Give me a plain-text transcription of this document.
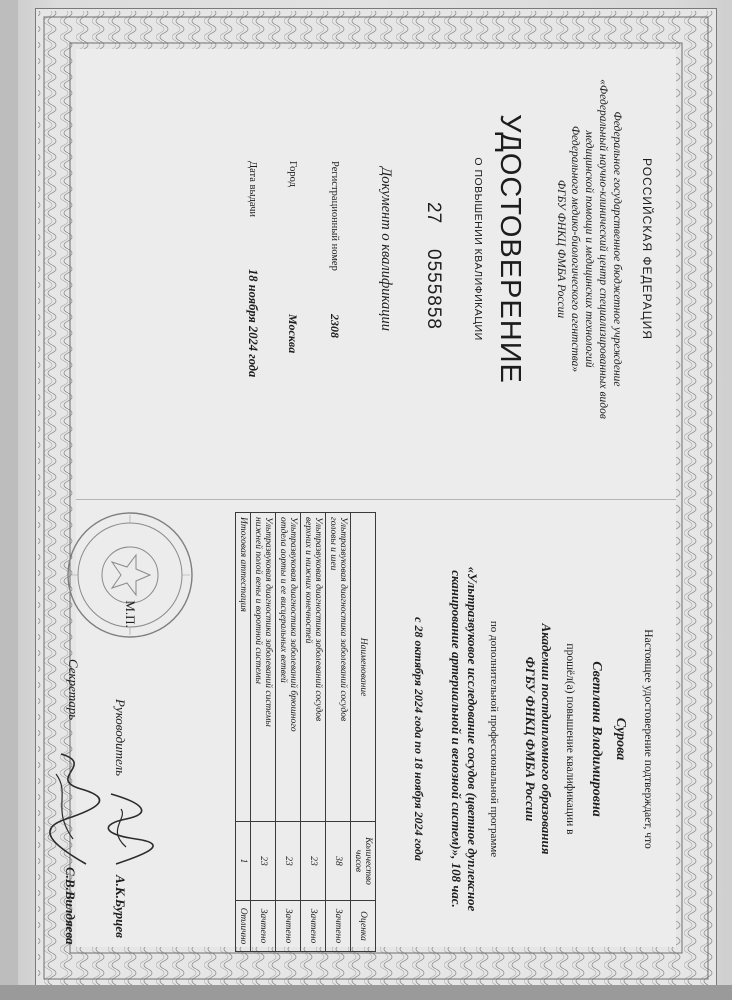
РОССИЙСКАЯ ФЕДЕРАЦИЯ
Федеральное государственное бюджетное учреждение
«Федеральный научно-клинический центр специализированных видов
медицинской помощи и медицинских технологий
Федерального медико-биологического агентства»
ФГБУ ФНКЦ ФМБА России
УДОСТОВЕРЕНИЕ
О ПОВЫШЕНИИ КВАЛИФИКАЦИИ
27
0555858
Документ о квалификации
Регистрационный номер
2308
Город
Москва
Дата выдачи
18 ноября 2024 года
Настоящее удостоверение подтверждает, что
Сурова
Светлана Владимировна
прошёл(а) повышение квалификации в
Академии постдипломного образования
ФГБУ ФНКЦ ФМБА России
по дополнительной профессиональной программе
«Ультразвуковое исследование сосудов (цветное дуплексное
сканирование артериальной и венозной систем)», 108 час.
с 28 октября 2024 года по 18 ноября 2024 года
Наименование	Количество часов	Оценка

Ультразвуковая диагностика заболеваний сосудов
головы и шеи	38	Зачтено

Ультразвуковая диагностика заболеваний сосудов
верхних и нижних конечностей	23	Зачтено

Ультразвуковая диагностика заболеваний брюшного
отдела аорты и ее висцеральных ветвей	23	Зачтено

Ультразвуковая диагностика заболеваний системы
нижней полой вены и воротной системы	23	Зачтено

Итоговая аттестация	1	Отлично
М.П.
Руководитель
А.К.Бурцев
Секретарь
С.В.Вилдяева
